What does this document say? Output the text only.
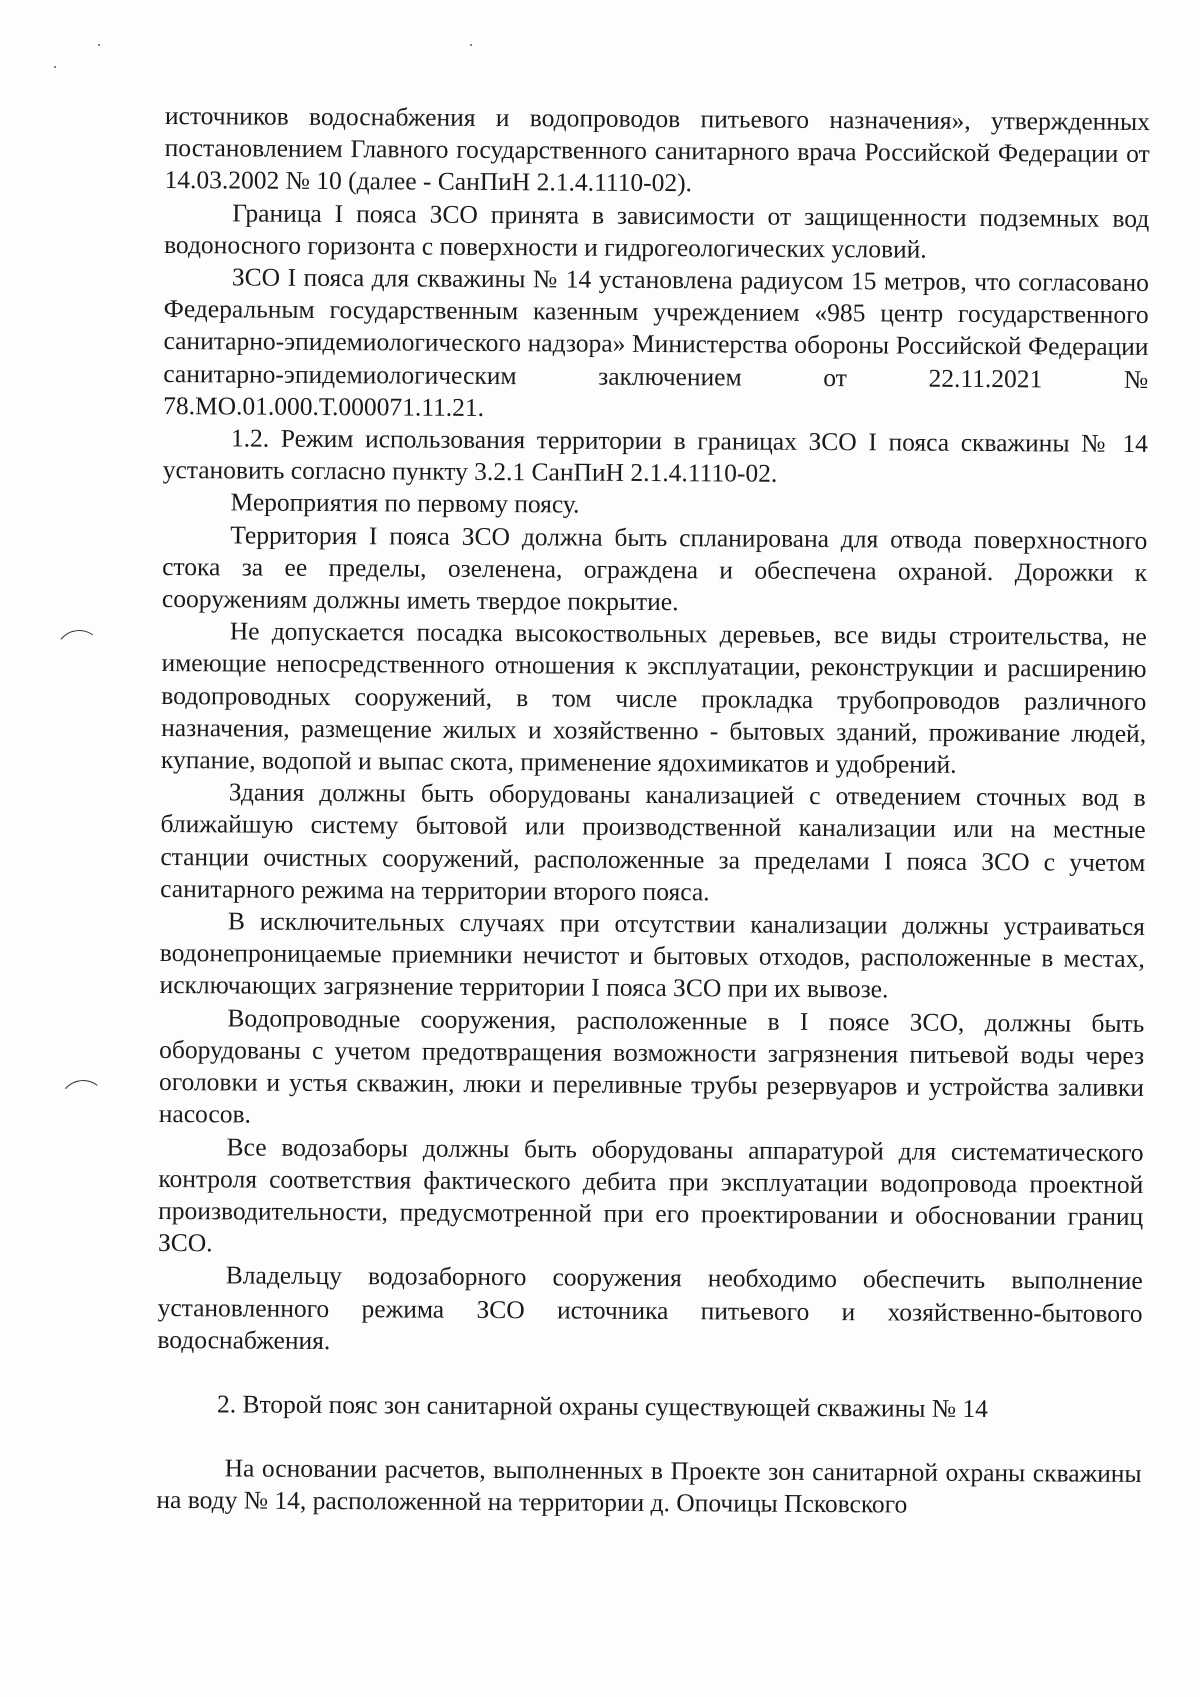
источников водоснабжения и водопроводов питьевого назначения», утвержденных постановлением Главного государственного санитарного врача Российской Федерации от 14.03.2002 № 10 (далее - СанПиН 2.1.4.1110-02).

Граница I пояса ЗСО принята в зависимости от защищенности подземных вод водоносного горизонта с поверхности и гидрогеологических условий.

ЗСО I пояса для скважины № 14 установлена радиусом 15 метров, что согласовано Федеральным государственным казенным учреждением «985 центр государственного санитарно-эпидемиологического надзора» Министерства обороны Российской Федерации санитарно-эпидемиологическим заключением от 22.11.2021 № 78.МО.01.000.Т.000071.11.21.

1.2. Режим использования территории в границах ЗСО I пояса скважины № 14 установить согласно пункту 3.2.1 СанПиН 2.1.4.1110-02.

Мероприятия по первому поясу.

Территория I пояса ЗСО должна быть спланирована для отвода поверхностного стока за ее пределы, озеленена, ограждена и обеспечена охраной. Дорожки к сооружениям должны иметь твердое покрытие.

Не допускается посадка высокоствольных деревьев, все виды строительства, не имеющие непосредственного отношения к эксплуатации, реконструкции и расширению водопроводных сооружений, в том числе прокладка трубопроводов различного назначения, размещение жилых и хозяйственно - бытовых зданий, проживание людей, купание, водопой и выпас скота, применение ядохимикатов и удобрений.

Здания должны быть оборудованы канализацией с отведением сточных вод в ближайшую систему бытовой или производственной канализации или на местные станции очистных сооружений, расположенные за пределами I пояса ЗСО с учетом санитарного режима на территории второго пояса.

В исключительных случаях при отсутствии канализации должны устраиваться водонепроницаемые приемники нечистот и бытовых отходов, расположенные в местах, исключающих загрязнение территории I пояса ЗСО при их вывозе.

Водопроводные сооружения, расположенные в I поясе ЗСО, должны быть оборудованы с учетом предотвращения возможности загрязнения питьевой воды через оголовки и устья скважин, люки и переливные трубы резервуаров и устройства заливки насосов.

Все водозаборы должны быть оборудованы аппаратурой для систематического контроля соответствия фактического дебита при эксплуатации водопровода проектной производительности, предусмотренной при его проектировании и обосновании границ ЗСО.

Владельцу водозаборного сооружения необходимо обеспечить выполнение установленного режима ЗСО источника питьевого и хозяйственно-бытового водоснабжения.

2. Второй пояс зон санитарной охраны существующей скважины № 14

На основании расчетов, выполненных в Проекте зон санитарной охраны скважины на воду № 14, расположенной на территории д. Опочицы Псковского
